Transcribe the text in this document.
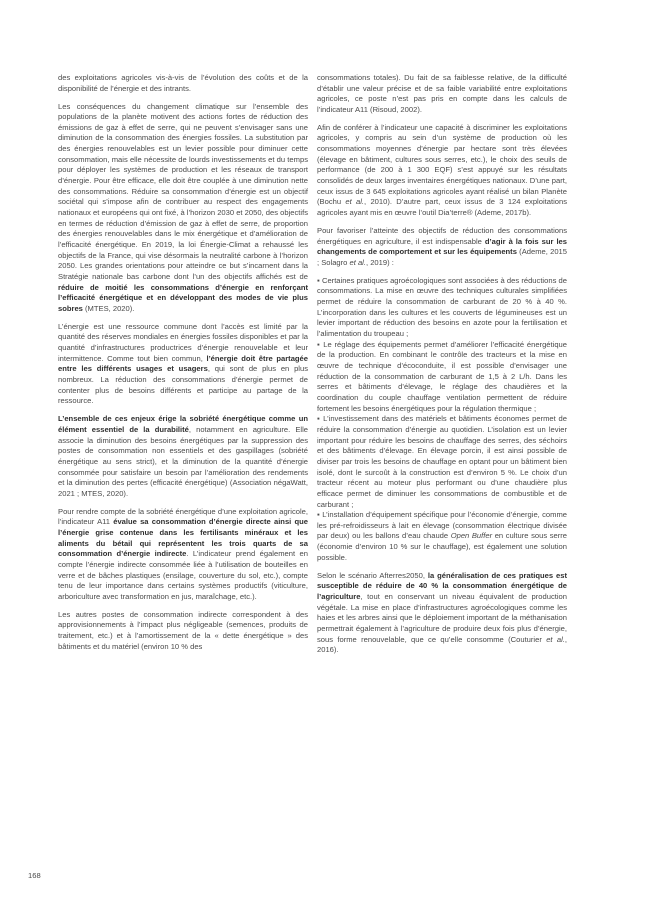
des exploitations agricoles vis-à-vis de l’évolution des coûts et de la disponibilité de l’énergie et des intrants.

Les conséquences du changement climatique sur l’ensemble des populations de la planète motivent des actions fortes de réduction des émissions de gaz à effet de serre, qui ne peuvent s’envisager sans une diminution de la consommation des énergies fossiles. La substitution par des énergies renouvelables est un levier possible pour diminuer cette consommation, mais elle nécessite de lourds investissements et du temps pour déployer les systèmes de production et les réseaux de transport d’énergie. Pour être efficace, elle doit être couplée à une diminution nette des consommations. Réduire sa consommation d’énergie est un objectif sociétal qui s’impose afin de contribuer au respect des engagements nationaux et européens qui ont fixé, à l’horizon 2030 et 2050, des objectifs en termes de réduction d’émission de gaz à effet de serre, de proportion des énergies renouvelables dans le mix énergétique et d’amélioration de l’efficacité énergétique. En 2019, la loi Énergie-Climat a rehaussé les objectifs de la France, qui vise désormais la neutralité carbone à l’horizon 2050. Les grandes orientations pour atteindre ce but s’incarnent dans la Stratégie nationale bas carbone dont l’un des objectifs affichés est de réduire de moitié les consommations d’énergie en renforçant l’efficacité énergétique et en développant des modes de vie plus sobres (MTES, 2020).

L’énergie est une ressource commune dont l’accès est limité par la quantité des réserves mondiales en énergies fossiles disponibles et par la quantité d’infrastructures productrices d’énergie renouvelable et leur intermittence. Comme tout bien commun, l’énergie doit être partagée entre les différents usages et usagers, qui sont de plus en plus nombreux. La réduction des consommations d’énergie permet de contenter plus de besoins différents et participe au partage de la ressource.

L’ensemble de ces enjeux érige la sobriété énergétique comme un élément essentiel de la durabilité, notamment en agriculture. Elle associe la diminution des besoins énergétiques par la suppression des postes de consommation non essentiels et des gaspillages (sobriété énergétique au sens strict), et la diminution de la quantité d’énergie consommée pour satisfaire un besoin par l’amélioration des rendements et la diminution des pertes (efficacité énergétique) (Association négaWatt, 2021 ; MTES, 2020).

Pour rendre compte de la sobriété énergétique d’une exploitation agricole, l’indicateur A11 évalue sa consommation d’énergie directe ainsi que l’énergie grise contenue dans les fertilisants minéraux et les aliments du bétail qui représentent les trois quarts de sa consommation d’énergie indirecte. L’indicateur prend également en compte l’énergie indirecte consommée liée à l’utilisation de bouteilles en verre et de bâches plastiques (ensilage, couverture du sol, etc.), compte tenu de leur importance dans certains systèmes productifs (viticulture, arboriculture avec transformation en jus, maraîchage, etc.).

Les autres postes de consommation indirecte correspondent à des approvisionnements à l’impact plus négligeable (semences, produits de traitement, etc.) et à l’amortissement de la « dette énergétique » des bâtiments et du matériel (environ 10 % des

consommations totales). Du fait de sa faiblesse relative, de la difficulté d’établir une valeur précise et de sa faible variabilité entre exploitations agricoles, ce poste n’est pas pris en compte dans les calculs de l’indicateur A11 (Risoud, 2002).

Afin de conférer à l’indicateur une capacité à discriminer les exploitations agricoles, y compris au sein d’un système de production où les consommations moyennes d’énergie par hectare sont très élevées (élevage en bâtiment, cultures sous serres, etc.), le choix des seuils de performance (de 200 à 1 300 EQF) s’est appuyé sur les résultats consolidés de deux larges inventaires énergétiques nationaux. D’une part, ceux issus de 3 645 exploitations agricoles ayant réalisé un bilan Planète (Bochu et al., 2010). D’autre part, ceux issus de 3 124 exploitations agricoles ayant mis en œuvre l’outil Dia’terre® (Ademe, 2017b).

Pour favoriser l’atteinte des objectifs de réduction des consommations énergétiques en agriculture, il est indispensable d’agir à la fois sur les changements de comportement et sur les équipements (Ademe, 2015 ; Solagro et al., 2019) :

▪ Certaines pratiques agroécologiques sont associées à des réductions de consommations. La mise en œuvre des techniques culturales simplifiées permet de réduire la consommation de carburant de 20 % à 40 %. L’incorporation dans les cultures et les couverts de légumineuses est un levier important de réduction des besoins en azote pour la fertilisation et l’alimentation du troupeau ;

▪ Le réglage des équipements permet d’améliorer l’efficacité énergétique de la production. En combinant le contrôle des tracteurs et la mise en œuvre de technique d’écoconduite, il est possible d’envisager une réduction de la consommation de carburant de 1,5 à 2 L/h. Dans les serres et bâtiments d’élevage, le réglage des chaudières et la coordination du couple chauffage ventilation permettent de réduire fortement les besoins énergétiques pour la régulation thermique ;

▪ L’investissement dans des matériels et bâtiments économes permet de réduire la consommation d’énergie au quotidien. L’isolation est un levier important pour réduire les besoins de chauffage des serres, des séchoirs et des bâtiments d’élevage. En élevage porcin, il est ainsi possible de diviser par trois les besoins de chauffage en optant pour un bâtiment bien isolé, dont le surcoût à la construction est d’environ 5 %. Le choix d’un tracteur récent au moteur plus performant ou d’une chaudière plus efficace permet de diminuer les consommations de combustible et de carburant ;

▪ L’installation d’équipement spécifique pour l’économie d’énergie, comme les pré-refroidisseurs à lait en élevage (consommation électrique divisée par deux) ou les ballons d’eau chaude Open Buffer en culture sous serre (économie d’environ 10 % sur le chauffage), est également une solution possible.

Selon le scénario Afterres2050, la généralisation de ces pratiques est susceptible de réduire de 40 % la consommation énergétique de l’agriculture, tout en conservant un niveau équivalent de production végétale. La mise en place d’infrastructures agroécologiques comme les haies et les arbres ainsi que le déploiement important de la méthanisation permettrait également à l’agriculture de produire deux fois plus d’énergie, sous forme renouvelable, que ce qu’elle consomme (Couturier et al., 2016).

168
